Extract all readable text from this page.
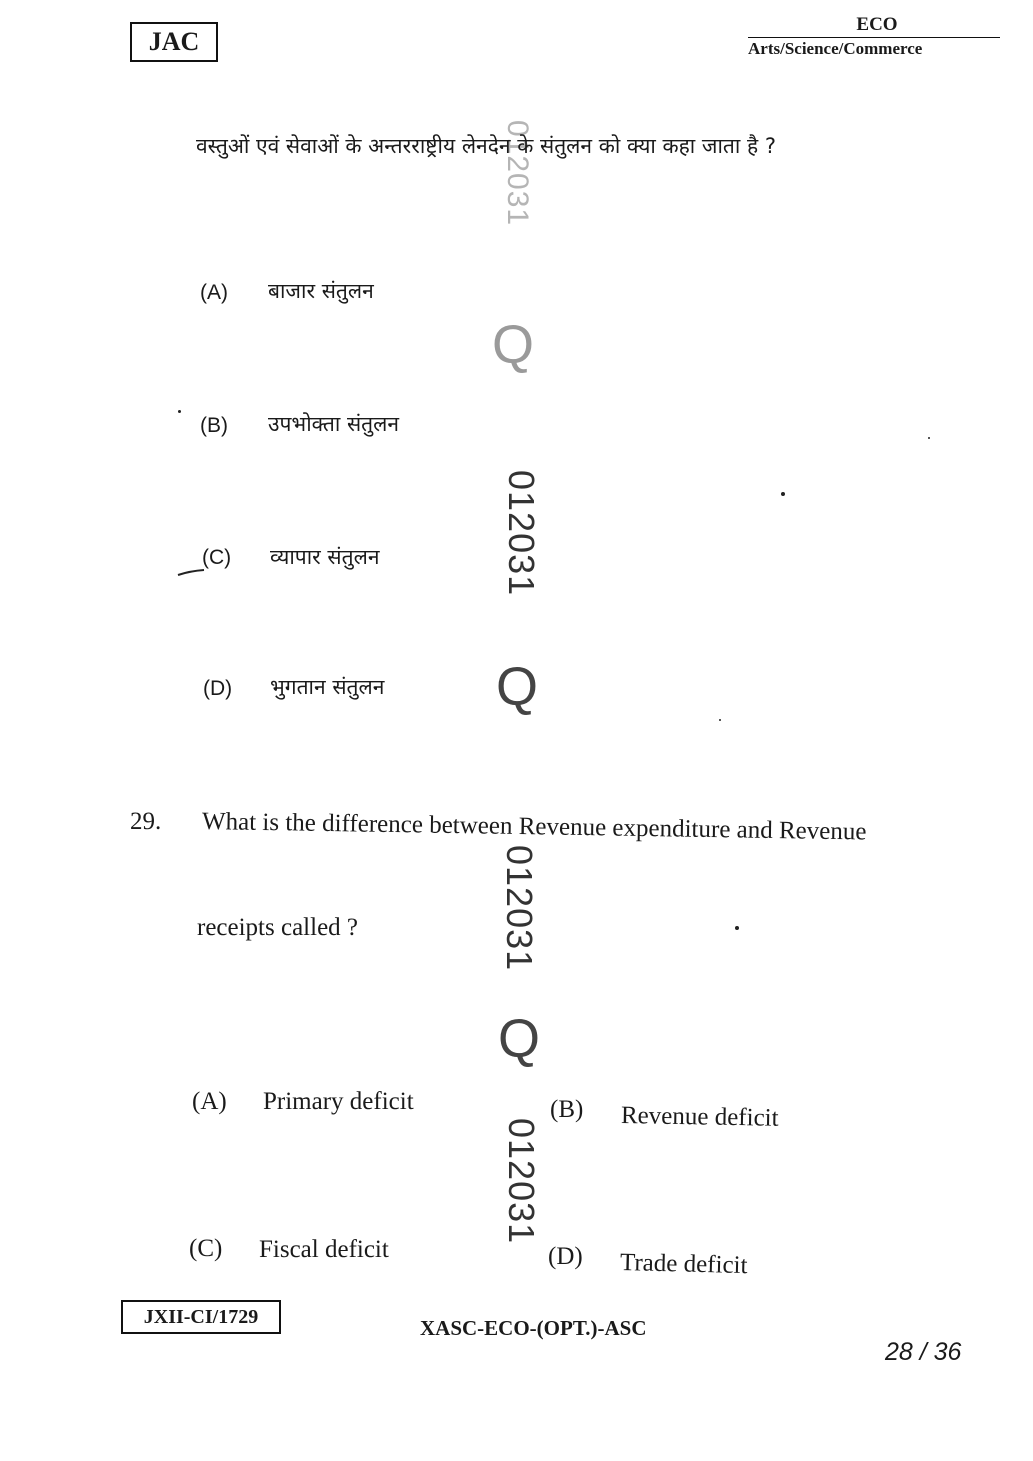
JAC
ECO
Arts/Science/Commerce
012031
Q
012031
Q
012031
Q
012031
वस्तुओं एवं सेवाओं के अन्तरराष्ट्रीय लेनदेन के संतुलन को क्या कहा जाता है ?
(A) बाजार संतुलन
(B) उपभोक्ता संतुलन
(C) व्यापार संतुलन
(D) भुगतान संतुलन
29. What is the difference between Revenue expenditure and Revenue
receipts called ?
(A) Primary deficit	(B) Revenue deficit
(C) Fiscal deficit	(D) Trade deficit
JXII-CI/1729	XASC-ECO-(OPT.)-ASC
28 / 36
